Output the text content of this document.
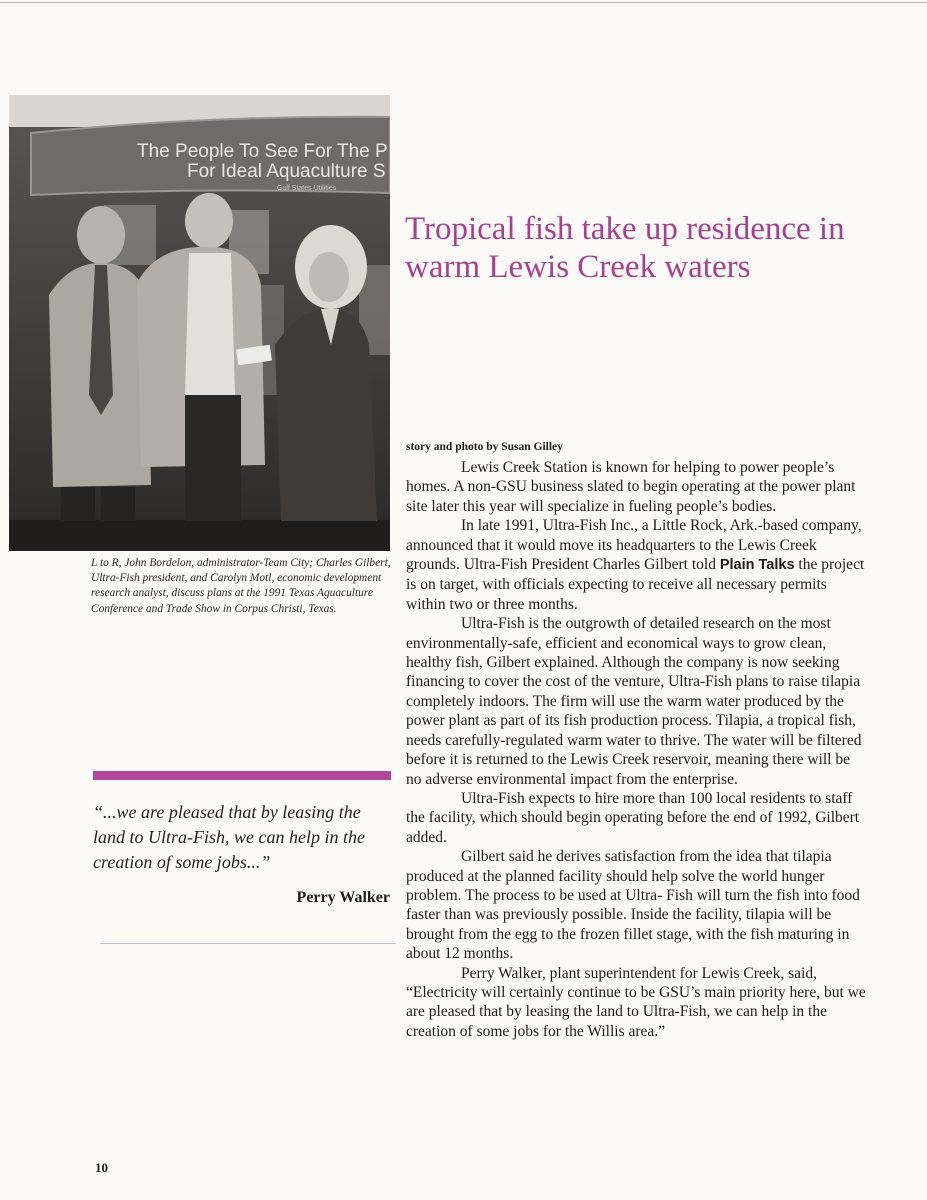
The People To See For The P
For Ideal Aquaculture S
Gulf States Utilities
L to R, John Bordelon, administrator-Team City; Charles Gilbert, Ultra-Fish president, and Carolyn Motl, economic development research analyst, discuss plans at the 1991 Texas Aguaculture Conference and Trade Show in Corpus Christi, Texas.
“...we are pleased that by leasing the land to Ultra-Fish, we can help in the creation of some jobs...”
Perry Walker
Tropical fish take up residence in warm Lewis Creek waters
story and photo by Susan Gilley

Lewis Creek Station is known for helping to power people’s homes. A non-GSU business slated to begin operating at the power plant site later this year will specialize in fueling people’s bodies.

In late 1991, Ultra-Fish Inc., a Little Rock, Ark.-based company, announced that it would move its headquarters to the Lewis Creek grounds. Ultra-Fish President Charles Gilbert told Plain Talks the project is on target, with officials expecting to receive all necessary permits within two or three months.

Ultra-Fish is the outgrowth of detailed research on the most environmentally-safe, efficient and economical ways to grow clean, healthy fish, Gilbert explained. Although the company is now seeking financing to cover the cost of the venture, Ultra-Fish plans to raise tilapia completely indoors. The firm will use the warm water produced by the power plant as part of its fish production process. Tilapia, a tropical fish, needs carefully-regulated warm water to thrive. The water will be filtered before it is returned to the Lewis Creek reservoir, meaning there will be no adverse environmental impact from the enterprise.

Ultra-Fish expects to hire more than 100 local residents to staff the facility, which should begin operating before the end of 1992, Gilbert added.

Gilbert said he derives satisfaction from the idea that tilapia produced at the planned facility should help solve the world hunger problem. The process to be used at Ultra- Fish will turn the fish into food faster than was previously possible. Inside the facility, tilapia will be brought from the egg to the frozen fillet stage, with the fish maturing in about 12 months.

Perry Walker, plant superintendent for Lewis Creek, said, “Electricity will certainly continue to be GSU’s main priority here, but we are pleased that by leasing the land to Ultra-Fish, we can help in the creation of some jobs for the Willis area.”

10
